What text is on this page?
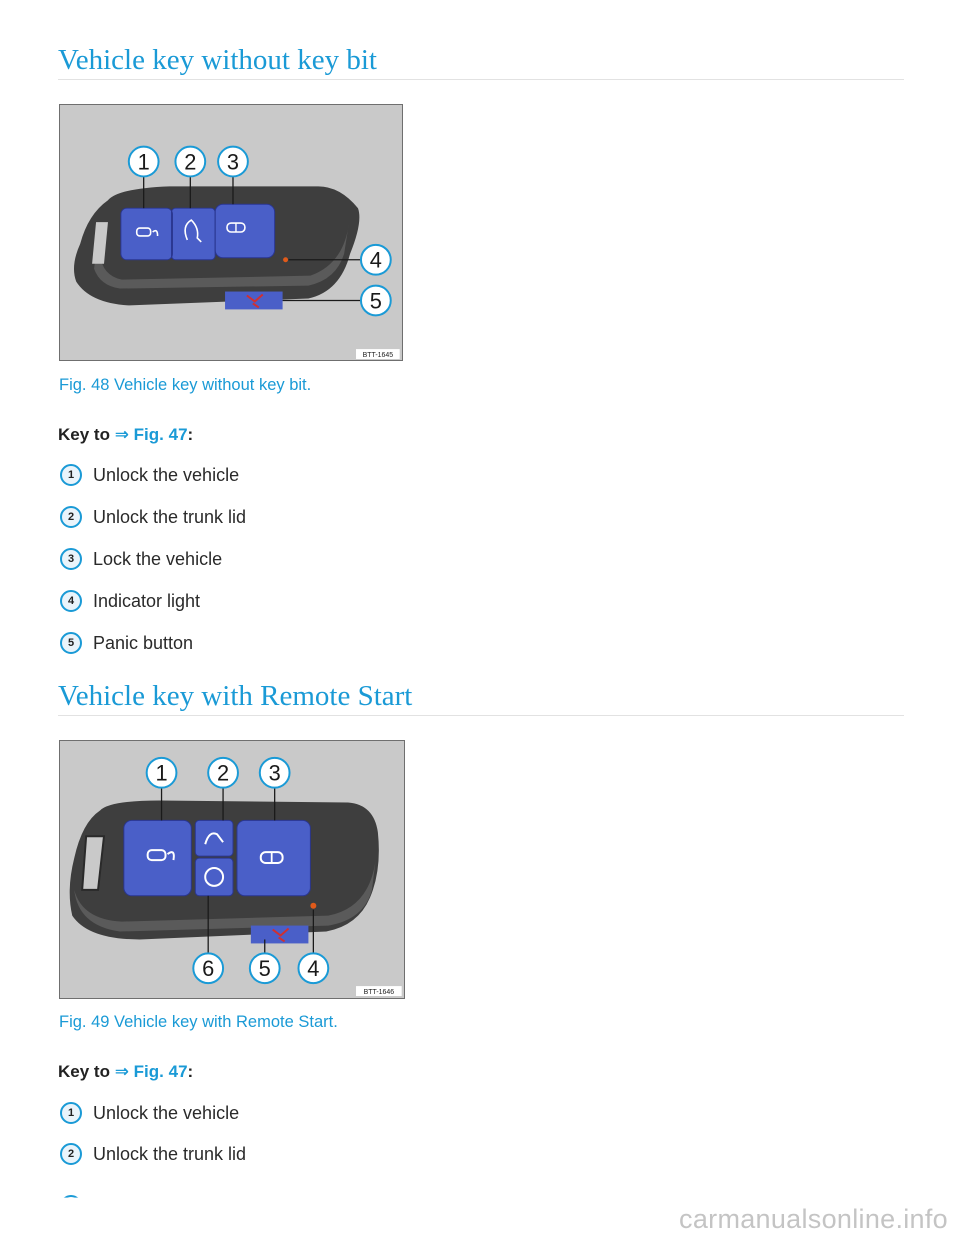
Vehicle key without key bit
1 2 3
4
5
BTT-1645
Fig. 48 Vehicle key without key bit.
Key to ⇒ Fig. 47:
1	Unlock the vehicle
2	Unlock the trunk lid
3	Lock the vehicle
4	Indicator light
5	Panic button
Vehicle key with Remote Start
1 2 3
6 5 4
BTT-1646
Fig. 49 Vehicle key with Remote Start.
Key to ⇒ Fig. 47:
1	Unlock the vehicle
2	Unlock the trunk lid
carmanualsonline.info
